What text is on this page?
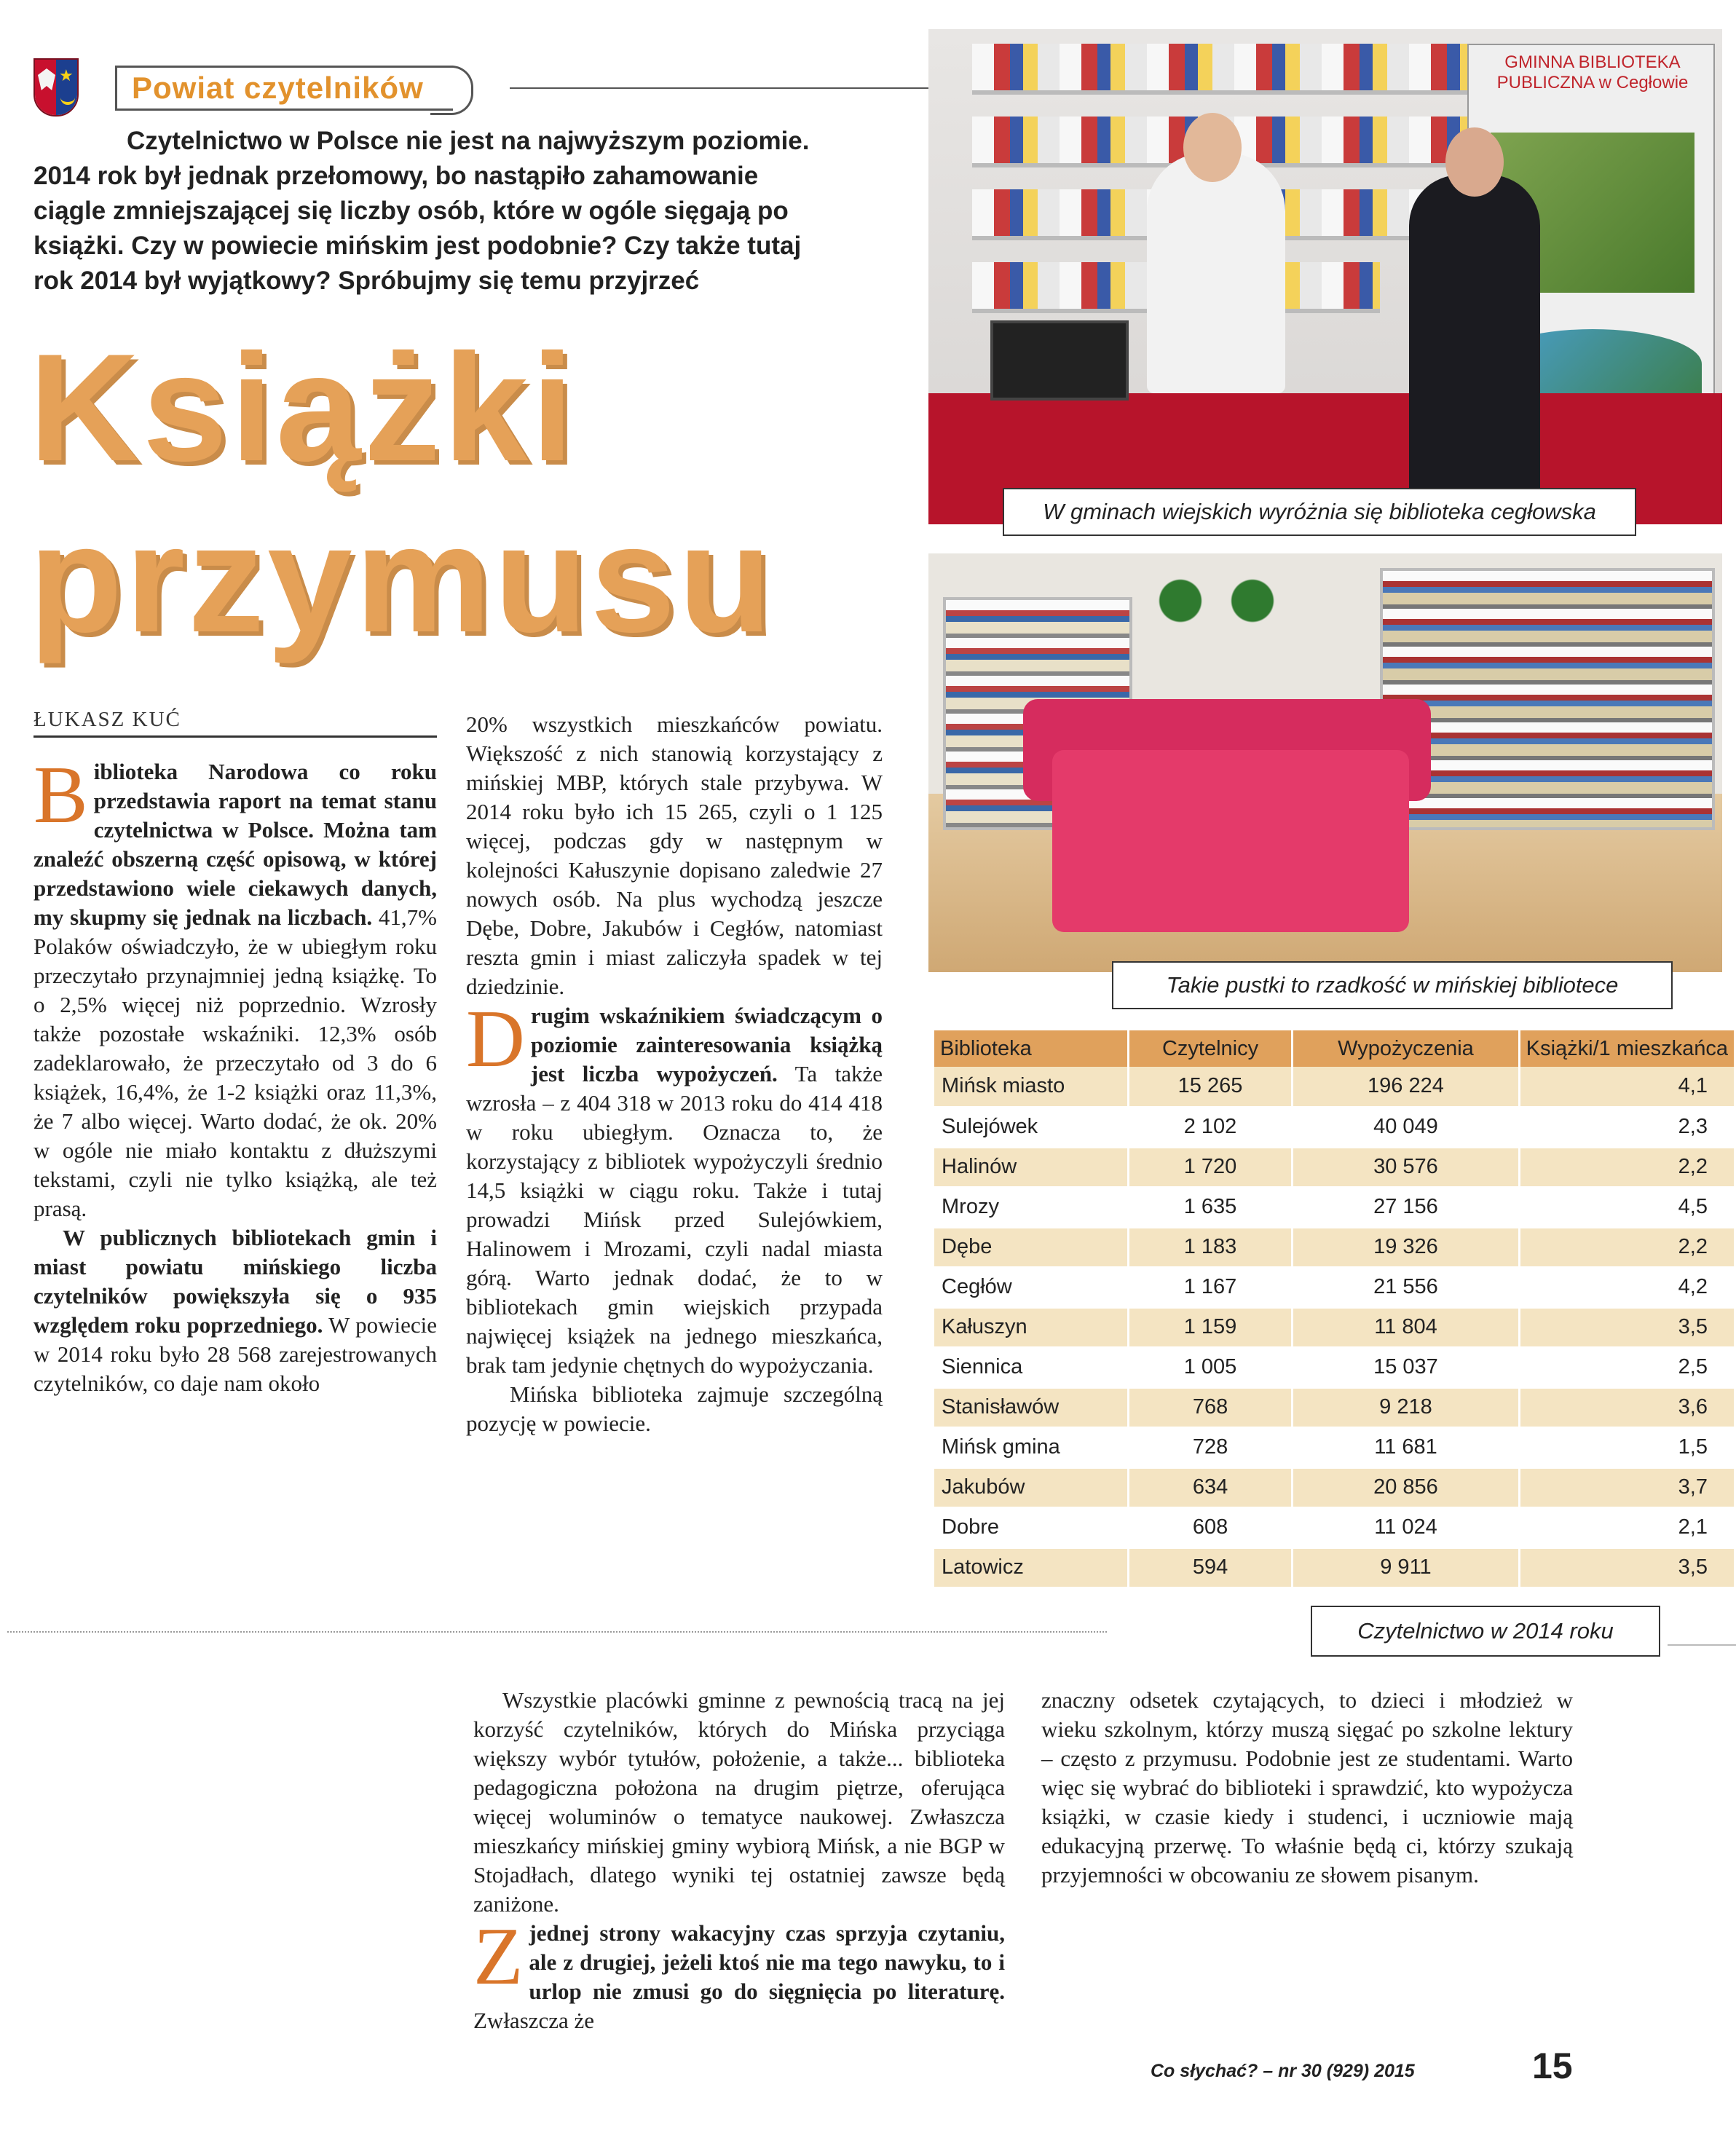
★ Powiat czytelników
Czytelnictwo w Polsce nie jest na najwyższym poziomie.
2014 rok był jednak przełomowy, bo nastąpiło zahamowanie
ciągle zmniejszającej się liczby osób, które w ogóle sięgają po
książki. Czy w powiecie mińskim jest podobnie? Czy także tutaj
rok 2014 był wyjątkowy? Spróbujmy się temu przyjrzeć
Książki
przymusu
ŁUKASZ KUĆ

Biblioteka Narodowa co roku przedstawia raport na temat stanu czytelnictwa w Polsce. Można tam znaleźć obszerną część opisową, w której przedstawiono wiele ciekawych danych, my skupmy się jednak na liczbach. 41,7% Polaków oświadczyło, że w ubiegłym roku przeczytało przynajmniej jedną książkę. To o 2,5% więcej niż poprzednio. Wzrosły także pozostałe wskaźniki. 12,3% osób zadeklarowało, że przeczytało od 3 do 6 książek, 16,4%, że 1-2 książki oraz 11,3%, że 7 albo więcej. Warto dodać, że ok. 20% w ogóle nie miało kontaktu z dłuższymi tekstami, czyli nie tylko książką, ale też prasą.

W publicznych bibliotekach gmin i miast powiatu mińskiego liczba czytelników powiększyła się o 935 względem roku poprzedniego. W powiecie w 2014 roku było 28 568 zarejestrowanych czytelników, co daje nam około

20% wszystkich mieszkańców powiatu. Większość z nich stanowią korzystający z mińskiej MBP, których stale przybywa. W 2014 roku było ich 15 265, czyli o 1 125 więcej, podczas gdy w następnym w kolejności Kałuszynie dopisano zaledwie 27 nowych osób. Na plus wychodzą jeszcze Dębe, Dobre, Jakubów i Cegłów, natomiast reszta gmin i miast zaliczyła spadek w tej dziedzinie.

Drugim wskaźnikiem świadczącym o poziomie zainteresowania książką jest liczba wypożyczeń. Ta także wzrosła – z 404 318 w 2013 roku do 414 418 w roku ubiegłym. Oznacza to, że korzystający z bibliotek wypożyczyli średnio 14,5 książki w ciągu roku. Także i tutaj prowadzi Mińsk przed Sulejówkiem, Halinowem i Mrozami, czyli nadal miasta górą. Warto jednak dodać, że to w bibliotekach gmin wiejskich przypada najwięcej książek na jednego mieszkańca, brak tam jedynie chętnych do wypożyczania.

Mińska biblioteka zajmuje szczególną pozycję w powiecie.

GMINNA BIBLIOTEKA PUBLICZNA w Cegłowie
W gminach wiejskich wyróżnia się biblioteka cegłowska
Takie pustki to rzadkość w mińskiej bibliotece
Biblioteka	Czytelnicy	Wypożyczenia	Książki/1 mieszkańca
Mińsk miasto	15 265	196 224	4,1
Sulejówek	2 102	40 049	2,3
Halinów	1 720	30 576	2,2
Mrozy	1 635	27 156	4,5
Dębe	1 183	19 326	2,2
Cegłów	1 167	21 556	4,2
Kałuszyn	1 159	11 804	3,5
Siennica	1 005	15 037	2,5
Stanisławów	768	9 218	3,6
Mińsk gmina	728	11 681	1,5
Jakubów	634	20 856	3,7
Dobre	608	11 024	2,1
Latowicz	594	9 911	3,5
Czytelnictwo w 2014 roku

Wszystkie placówki gminne z pewnością tracą na jej korzyść czytelników, których do Mińska przyciąga większy wybór tytułów, położenie, a także... biblioteka pedagogiczna położona na drugim piętrze, oferująca więcej woluminów o tematyce naukowej. Zwłaszcza mieszkańcy mińskiej gminy wybiorą Mińsk, a nie BGP w Stojadłach, dlatego wyniki tej ostatniej zawsze będą zaniżone.

Z jednej strony wakacyjny czas sprzyja czytaniu, ale z drugiej, jeżeli ktoś nie ma tego nawyku, to i urlop nie zmusi go do sięgnięcia po literaturę. Zwłaszcza że

znaczny odsetek czytających, to dzieci i młodzież w wieku szkolnym, którzy muszą sięgać po szkolne lektury – często z przymusu. Podobnie jest ze studentami. Warto więc się wybrać do biblioteki i sprawdzić, kto wypożycza książki, w czasie kiedy i studenci, i uczniowie mają edukacyjną przerwę. To właśnie będą ci, którzy szukają przyjemności w obcowaniu ze słowem pisanym.

Co słychać? – nr 30 (929) 2015	15
